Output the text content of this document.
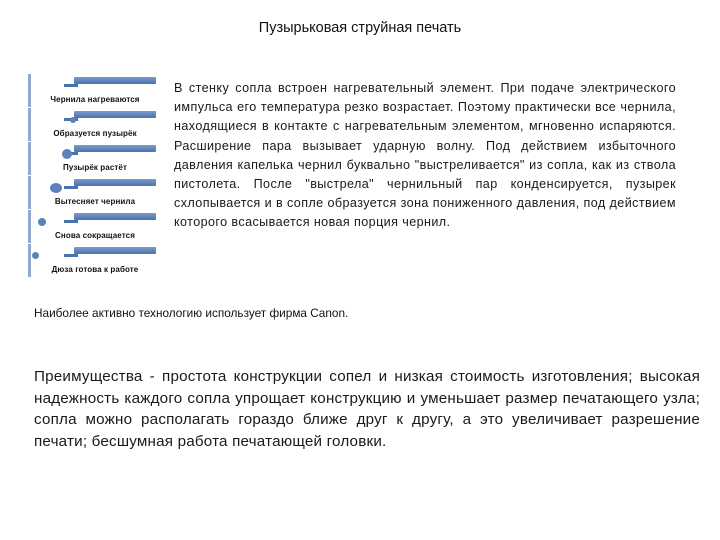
Пузырьковая струйная печать
Чернила нагреваются
Образуется пузырёк
Пузырёк растёт
Вытесняет чернила
Снова сокращается
Дюза готова к работе
В стенку сопла встроен нагревательный элемент. При подаче электрического импульса его температура резко возрастает. Поэтому практически все чернила, находящиеся в контакте с нагревательным элементом, мгновенно испаряются. Расширение пара вызывает ударную волну. Под действием избыточного давления капелька чернил буквально "выстреливается" из сопла, как из ствола пистолета. После "выстрела" чернильный пар конденсируется, пузырек схлопывается и в сопле образуется зона пониженного давления, под действием которого всасывается новая порция чернил.
Наиболее активно технологию использует фирма Canon.
Преимущества - простота конструкции сопел и низкая стоимость изготовления; высокая надежность каждого сопла упрощает конструкцию и уменьшает размер печатающего узла; сопла можно располагать гораздо ближе друг к другу, а это увеличивает разрешение печати; бесшумная работа печатающей головки.
